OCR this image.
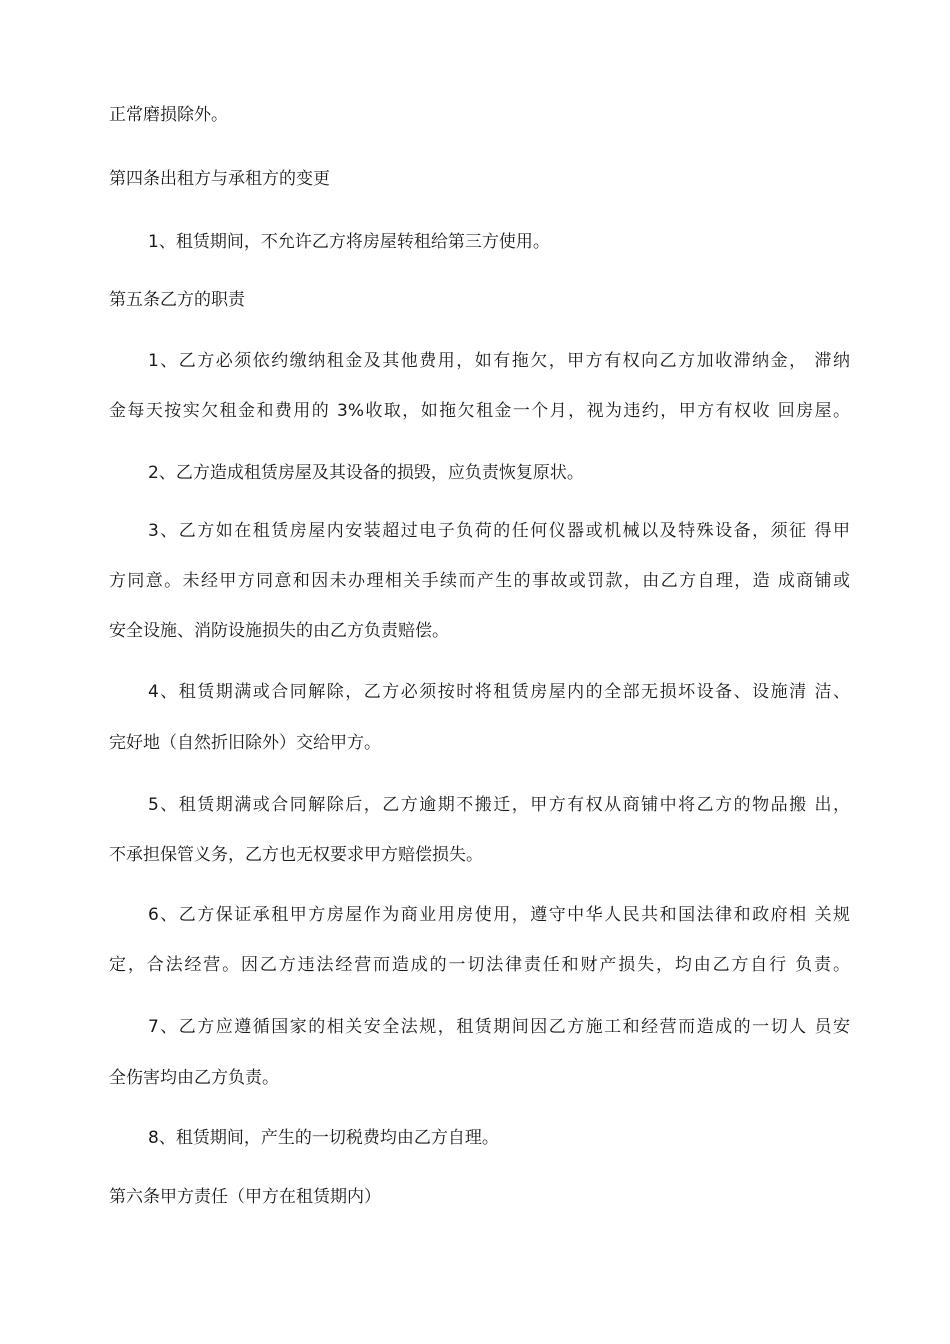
正常磨损除外。
第四条出租方与承租方的变更
1、租赁期间，不允许乙方将房屋转租给第三方使用。
第五条乙方的职责
1、乙方必须依约缴纳租金及其他费用，如有拖欠，甲方有权向乙方加收滞纳金， 滞纳
金每天按实欠租金和费用的 3%收取，如拖欠租金一个月，视为违约，甲方有权收 回房屋。
2、乙方造成租赁房屋及其设备的损毁，应负责恢复原状。
3、乙方如在租赁房屋内安装超过电子负荷的任何仪器或机械以及特殊设备，须征 得甲
方同意。未经甲方同意和因未办理相关手续而产生的事故或罚款，由乙方自理，造 成商铺或
安全设施、消防设施损失的由乙方负责赔偿。
4、租赁期满或合同解除，乙方必须按时将租赁房屋内的全部无损坏设备、设施清 洁、
完好地（自然折旧除外）交给甲方。
5、租赁期满或合同解除后，乙方逾期不搬迁，甲方有权从商铺中将乙方的物品搬 出，
不承担保管义务，乙方也无权要求甲方赔偿损失。
6、乙方保证承租甲方房屋作为商业用房使用，遵守中华人民共和国法律和政府相 关规
定，合法经营。因乙方违法经营而造成的一切法律责任和财产损失，均由乙方自行 负责。
7、乙方应遵循国家的相关安全法规，租赁期间因乙方施工和经营而造成的一切人 员安
全伤害均由乙方负责。
8、租赁期间，产生的一切税费均由乙方自理。
第六条甲方责任（甲方在租赁期内）
